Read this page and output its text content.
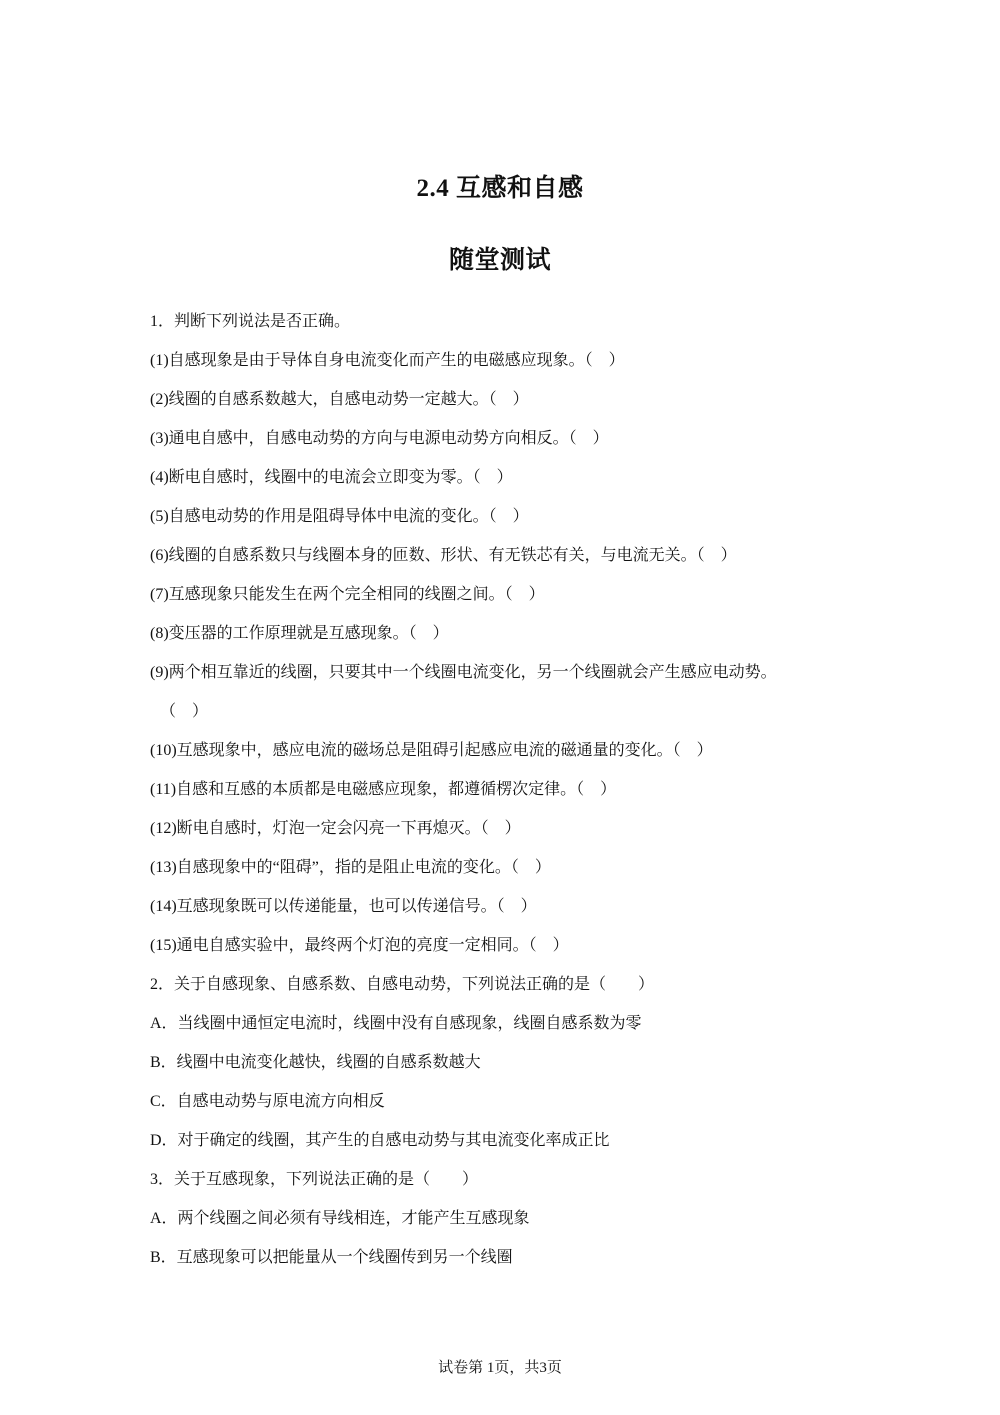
2.4 互感和自感
随堂测试
1．判断下列说法是否正确。
(1)自感现象是由于导体自身电流变化而产生的电磁感应现象。（　）
(2)线圈的自感系数越大，自感电动势一定越大。（　）
(3)通电自感中，自感电动势的方向与电源电动势方向相反。（　）
(4)断电自感时，线圈中的电流会立即变为零。（　）
(5)自感电动势的作用是阻碍导体中电流的变化。（　）
(6)线圈的自感系数只与线圈本身的匝数、形状、有无铁芯有关，与电流无关。（　）
(7)互感现象只能发生在两个完全相同的线圈之间。（　）
(8)变压器的工作原理就是互感现象。（　）
(9)两个相互靠近的线圈，只要其中一个线圈电流变化，另一个线圈就会产生感应电动势。
（　）
(10)互感现象中，感应电流的磁场总是阻碍引起感应电流的磁通量的变化。（　）
(11)自感和互感的本质都是电磁感应现象，都遵循楞次定律。（　）
(12)断电自感时，灯泡一定会闪亮一下再熄灭。（　）
(13)自感现象中的“阻碍”，指的是阻止电流的变化。（　）
(14)互感现象既可以传递能量，也可以传递信号。（　）
(15)通电自感实验中，最终两个灯泡的亮度一定相同。（　）
2．关于自感现象、自感系数、自感电动势，下列说法正确的是（　　）
A．当线圈中通恒定电流时，线圈中没有自感现象，线圈自感系数为零
B．线圈中电流变化越快，线圈的自感系数越大
C．自感电动势与原电流方向相反
D．对于确定的线圈，其产生的自感电动势与其电流变化率成正比
3．关于互感现象，下列说法正确的是（　　）
A．两个线圈之间必须有导线相连，才能产生互感现象
B．互感现象可以把能量从一个线圈传到另一个线圈
试卷第 1页，共3页
